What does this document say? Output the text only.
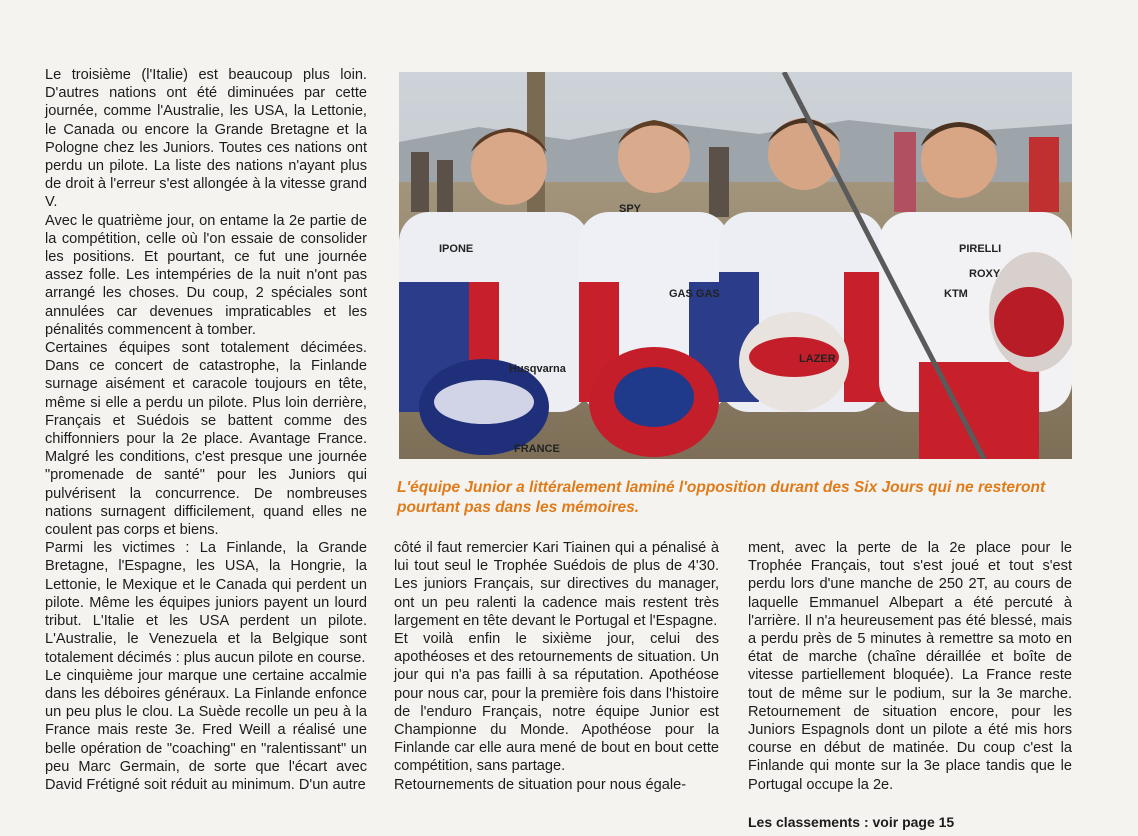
Le troisième (l'Italie) est beaucoup plus loin. D'autres nations ont été diminuées par cette journée, comme l'Australie, les USA, la Lettonie, le Canada ou encore la Grande Bretagne et la Pologne chez les Juniors. Toutes ces nations ont perdu un pilote. La liste des nations n'ayant plus de droit à l'erreur s'est allongée à la vitesse grand V.

Avec le quatrième jour, on entame la 2e partie de la compétition, celle où l'on essaie de consolider les positions. Et pourtant, ce fut une journée assez folle. Les intempéries de la nuit n'ont pas arrangé les choses. Du coup, 2 spéciales sont annulées car devenues impraticables et les pénalités commencent à tomber.

Certaines équipes sont totalement décimées. Dans ce concert de catastrophe, la Finlande surnage aisément et caracole toujours en tête, même si elle a perdu un pilote. Plus loin derrière, Français et Suédois se battent comme des chiffonniers pour la 2e place. Avantage France. Malgré les conditions, c'est presque une journée "promenade de santé" pour les Juniors qui pulvérisent la concurrence. De nombreuses nations surnagent difficilement, quand elles ne coulent pas corps et biens.

Parmi les victimes : La Finlande, la Grande Bretagne, l'Espagne, les USA, la Hongrie, la Lettonie, le Mexique et le Canada qui perdent un pilote. Même les équipes juniors payent un lourd tribut. L'Italie et les USA perdent un pilote. L'Australie, le Venezuela et la Belgique sont totalement décimés : plus aucun pilote en course.

Le cinquième jour marque une certaine accalmie dans les déboires généraux. La Finlande enfonce un peu plus le clou. La Suède recolle un peu à la France mais reste 3e. Fred Weill a réalisé une belle opération de "coaching" en "ralentissant" un peu Marc Germain, de sorte que l'écart avec David Frétigné soit réduit au minimum. D'un autre

IPONE
Husqvarna
GAS GAS
PIRELLI
FRANCE
ROXY
KTM
LAZER
SPY
L'équipe Junior a littéralement laminé l'opposition durant des Six Jours qui ne resteront pourtant pas dans les mémoires.

côté il faut remercier Kari Tiainen qui a pénalisé à lui tout seul le Trophée Suédois de plus de 4'30. Les juniors Français, sur directives du manager, ont un peu ralenti la cadence mais restent très largement en tête devant le Portugal et l'Espagne.

Et voilà enfin le sixième jour, celui des apothéoses et des retournements de situation. Un jour qui n'a pas failli à sa réputation. Apothéose pour nous car, pour la première fois dans l'histoire de l'enduro Français, notre équipe Junior est Championne du Monde. Apothéose pour la Finlande car elle aura mené de bout en bout cette compétition, sans partage.

Retournements de situation pour nous égale-

ment, avec la perte de la 2e place pour le Trophée Français, tout s'est joué et tout s'est perdu lors d'une manche de 250 2T, au cours de laquelle Emmanuel Albepart a été percuté à l'arrière. Il n'a heureusement pas été blessé, mais a perdu près de 5 minutes à remettre sa moto en état de marche (chaîne déraillée et boîte de vitesse partiellement bloquée). La France reste tout de même sur le podium, sur la 3e marche. Retournement de situation encore, pour les Juniors Espagnols dont un pilote a été mis hors course en début de matinée. Du coup c'est la Finlande qui monte sur la 3e place tandis que le Portugal occupe la 2e.

Les classements : voir page 15
